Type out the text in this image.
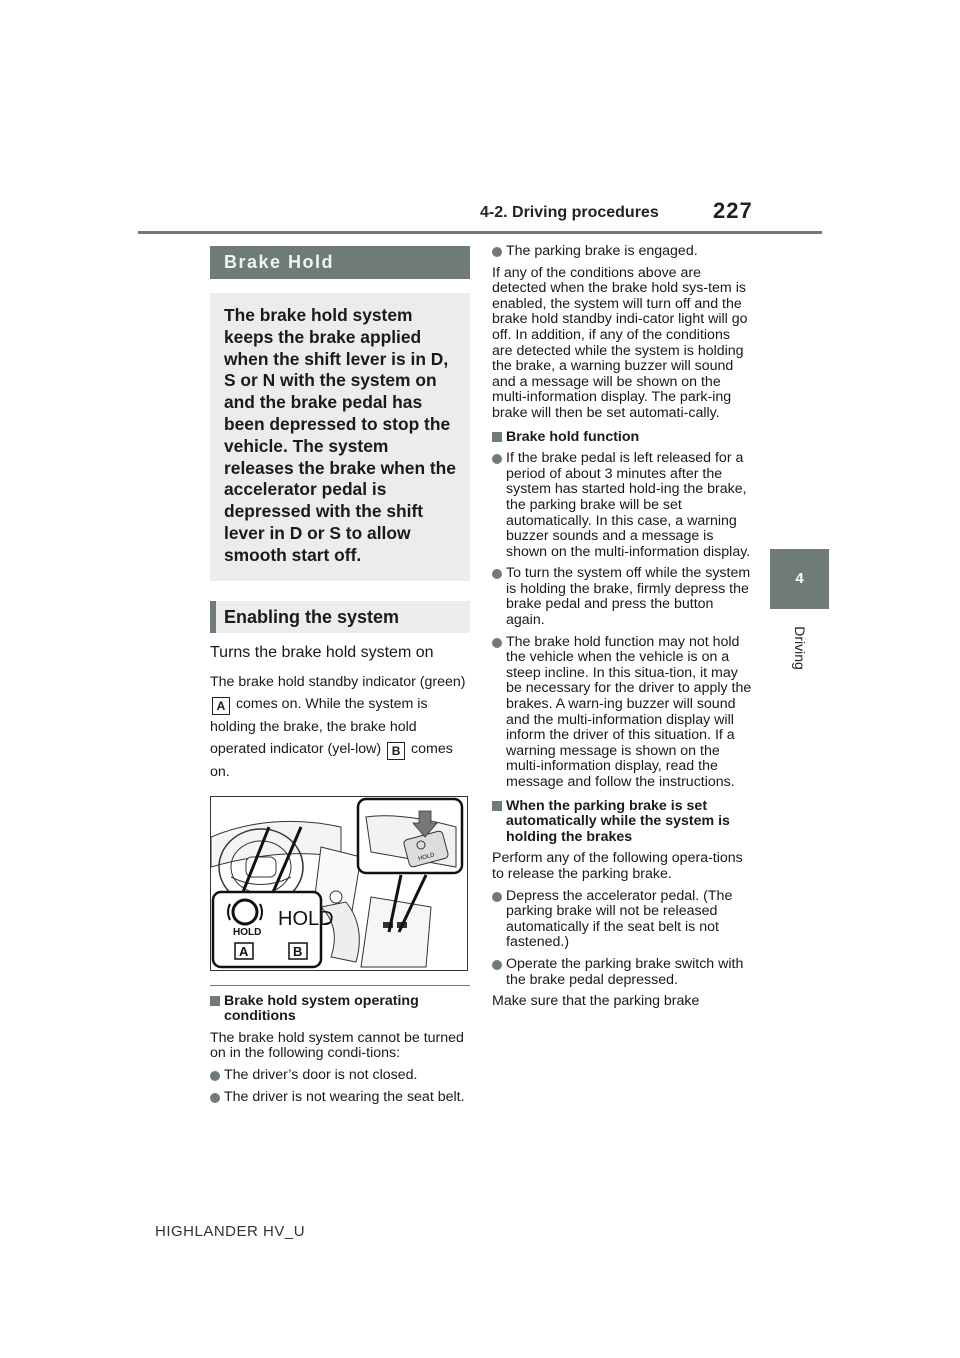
4-2. Driving procedures 227
4
Driving
Brake Hold
The brake hold system keeps the brake applied when the shift lever is in D, S or N with the system on and the brake pedal has been depressed to stop the vehicle. The system releases the brake when the accelerator pedal is depressed with the shift lever in D or S to allow smooth start off.
Enabling the system
Turns the brake hold system on
The brake hold standby indicator (green) A comes on. While the system is holding the brake, the brake hold operated indicator (yel-low) B comes on.
HOLD
HOLD
HOLD
A	B
Brake hold system operating conditions
The brake hold system cannot be turned on in the following condi-tions:
The driver’s door is not closed.
The driver is not wearing the seat belt.
The parking brake is engaged.
If any of the conditions above are detected when the brake hold sys-tem is enabled, the system will turn off and the brake hold standby indi-cator light will go off. In addition, if any of the conditions are detected while the system is holding the brake, a warning buzzer will sound and a message will be shown on the multi-information display. The park-ing brake will then be set automati-cally.
Brake hold function
If the brake pedal is left released for a period of about 3 minutes after the system has started hold-ing the brake, the parking brake will be set automatically. In this case, a warning buzzer sounds and a message is shown on the multi-information display.
To turn the system off while the system is holding the brake, firmly depress the brake pedal and press the button again.
The brake hold function may not hold the vehicle when the vehicle is on a steep incline. In this situa-tion, it may be necessary for the driver to apply the brakes. A warn-ing buzzer will sound and the multi-information display will inform the driver of this situation. If a warning message is shown on the multi-information display, read the message and follow the instructions.
When the parking brake is set automatically while the system is holding the brakes
Perform any of the following opera-tions to release the parking brake.
Depress the accelerator pedal. (The parking brake will not be released automatically if the seat belt is not fastened.)
Operate the parking brake switch with the brake pedal depressed.
Make sure that the parking brake
HIGHLANDER HV_U
